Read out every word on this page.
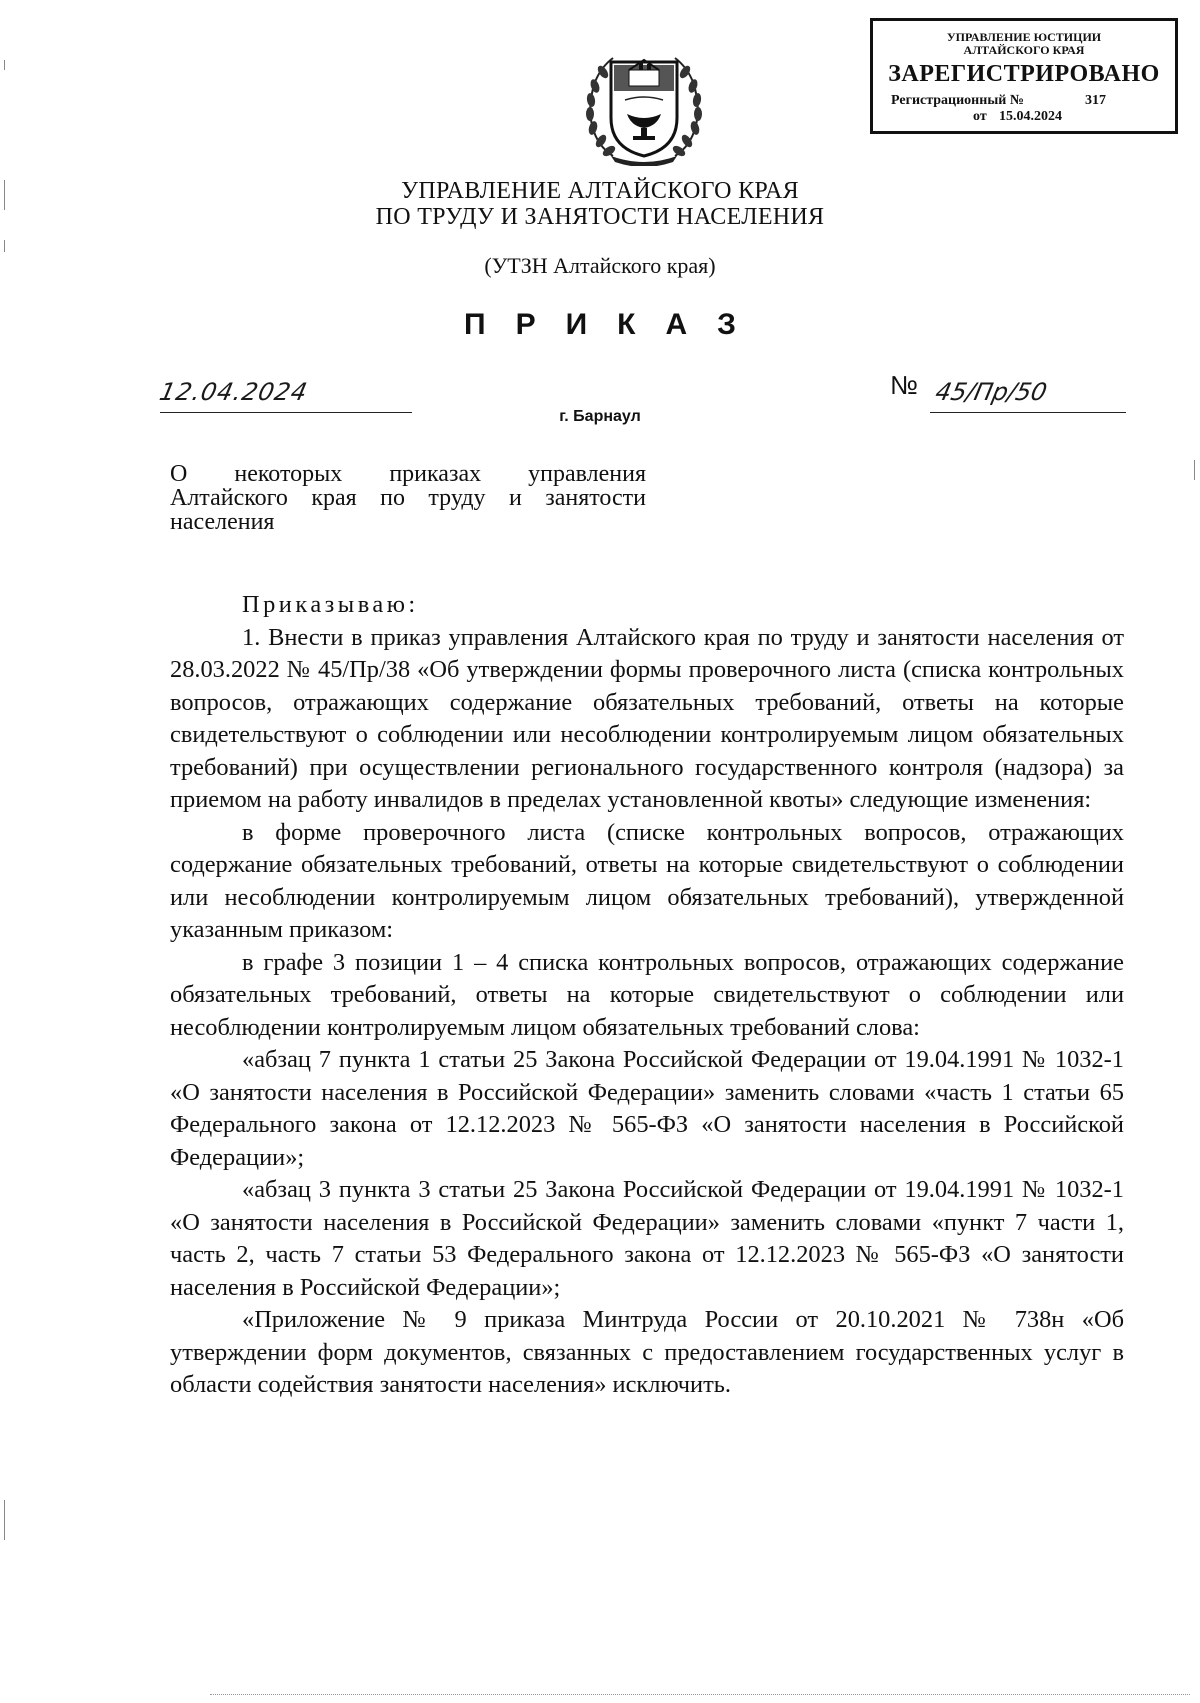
УПРАВЛЕНИЕ ЮСТИЦИИ
АЛТАЙСКОГО КРАЯ
ЗАРЕГИСТРИРОВАНО
Регистрационный №	317
от 15.04.2024
УПРАВЛЕНИЕ АЛТАЙСКОГО КРАЯ
ПО ТРУДУ И ЗАНЯТОСТИ НАСЕЛЕНИЯ
(УТЗН Алтайского края)
ПРИКАЗ
12.04.2024	№ 45/Пр/50
г. Барнаул
О некоторых приказах управления
Алтайского края по труду и занятости
населения

Приказываю:

1. Внести в приказ управления Алтайского края по труду и занятости населения от 28.03.2022 № 45/Пр/38 «Об утверждении формы проверочного листа (списка контрольных вопросов, отражающих содержание обязательных требований, ответы на которые свидетельствуют о соблюдении или несоблюдении контролируемым лицом обязательных требований) при осуществлении регионального государственного контроля (надзора) за приемом на работу инвалидов в пределах установленной квоты» следующие изменения:

в форме проверочного листа (списке контрольных вопросов, отражающих содержание обязательных требований, ответы на которые свидетельствуют о соблюдении или несоблюдении контролируемым лицом обязательных требований), утвержденной указанным приказом:

в графе 3 позиции 1 – 4 списка контрольных вопросов, отражающих содержание обязательных требований, ответы на которые свидетельствуют о соблюдении или несоблюдении контролируемым лицом обязательных требований слова:

«абзац 7 пункта 1 статьи 25 Закона Российской Федерации от 19.04.1991 № 1032-1 «О занятости населения в Российской Федерации» заменить словами «часть 1 статьи 65 Федерального закона от 12.12.2023 № 565-ФЗ «О занятости населения в Российской Федерации»;

«абзац 3 пункта 3 статьи 25 Закона Российской Федерации от 19.04.1991 № 1032-1 «О занятости населения в Российской Федерации» заменить словами «пункт 7 части 1, часть 2, часть 7 статьи 53 Федерального закона от 12.12.2023 № 565-ФЗ «О занятости населения в Российской Федерации»;

«Приложение № 9 приказа Минтруда России от 20.10.2021 № 738н «Об утверждении форм документов, связанных с предоставлением государственных услуг в области содействия занятости населения» исключить.
